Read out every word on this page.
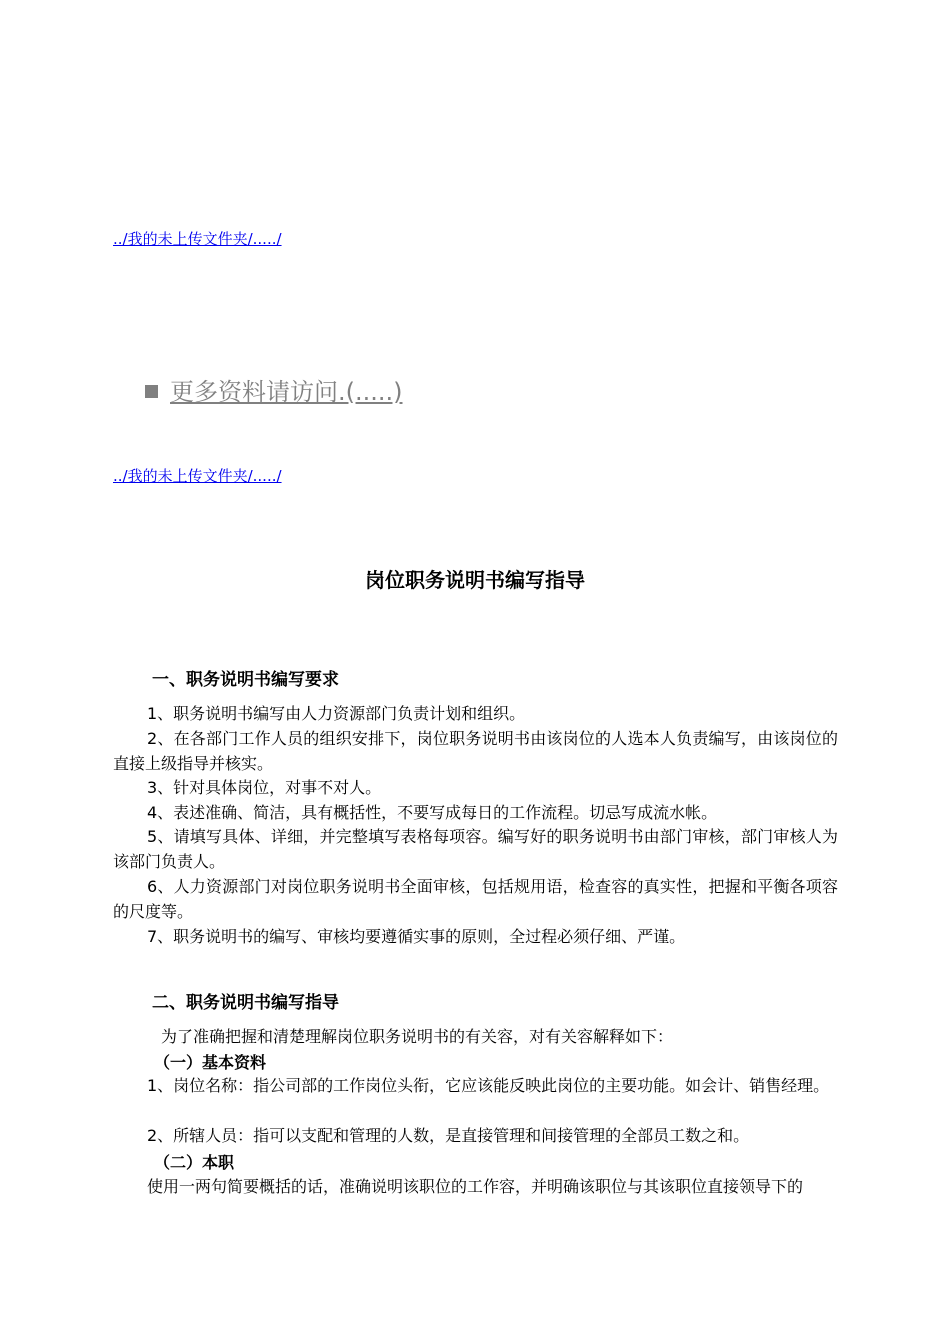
../我的未上传文件夹/...../
更多资料请访问.(.....)
../我的未上传文件夹/...../
岗位职务说明书编写指导
一、职务说明书编写要求
1、职务说明书编写由人力资源部门负责计划和组织。
2、在各部门工作人员的组织安排下，岗位职务说明书由该岗位的人选本人负责编写，由该岗位的直接上级指导并核实。
3、针对具体岗位，对事不对人。
4、表述准确、简洁，具有概括性，不要写成每日的工作流程。切忌写成流水帐。
5、请填写具体、详细，并完整填写表格每项容。编写好的职务说明书由部门审核，部门审核人为该部门负责人。
6、人力资源部门对岗位职务说明书全面审核，包括规用语，检查容的真实性，把握和平衡各项容的尺度等。
7、职务说明书的编写、审核均要遵循实事的原则，全过程必须仔细、严谨。
二、职务说明书编写指导
为了准确把握和清楚理解岗位职务说明书的有关容，对有关容解释如下：
（一）基本资料
1、岗位名称：指公司部的工作岗位头衔，它应该能反映此岗位的主要功能。如会计、销售经理。
2、所辖人员：指可以支配和管理的人数，是直接管理和间接管理的全部员工数之和。
（二）本职
使用一两句简要概括的话，准确说明该职位的工作容，并明确该职位与其该职位直接领导下的
